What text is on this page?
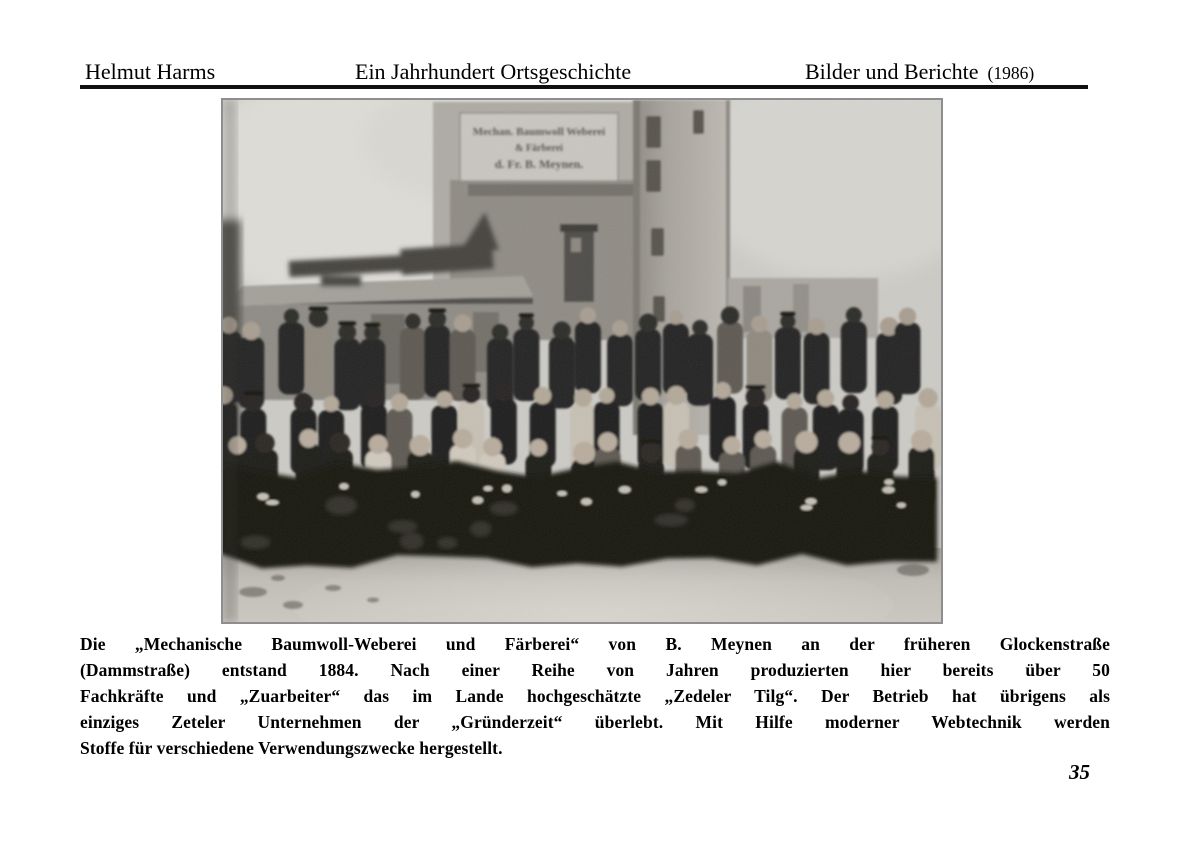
Helmut Harms	Ein Jahrhundert Ortsgeschichte	Bilder und Berichte (1986)
Mechan. Baumwoll Weberei
& Färberei
d. Fr. B. Meynen.
Die „Mechanische Baumwoll-Weberei und Färberei“ von B. Meynen an der früheren Glockenstraße
(Dammstraße) entstand 1884. Nach einer Reihe von Jahren produzierten hier bereits über 50
Fachkräfte und „Zuarbeiter“ das im Lande hochgeschätzte „Zedeler Tilg“. Der Betrieb hat übrigens als
einziges Zeteler Unternehmen der „Gründerzeit“ überlebt. Mit Hilfe moderner Webtechnik werden
Stoffe für verschiedene Verwendungszwecke hergestellt.
35
